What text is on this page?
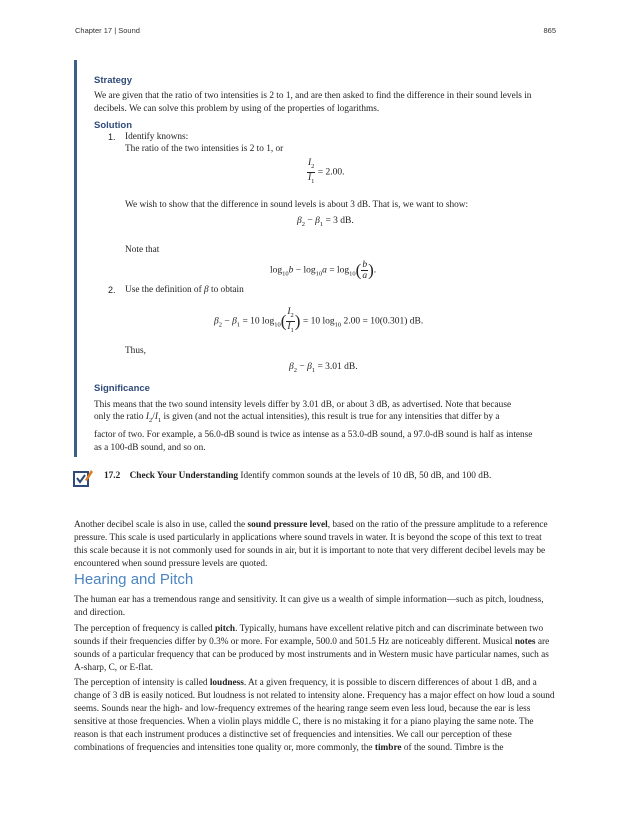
Chapter 17 | Sound	865
Strategy
We are given that the ratio of two intensities is 2 to 1, and are then asked to find the difference in their sound levels in decibels. We can solve this problem by using of the properties of logarithms.
Solution
1. Identify knowns:
The ratio of the two intensities is 2 to 1, or
$\frac{I_2}{I_1} = 2.00$.
We wish to show that the difference in sound levels is about 3 dB. That is, we want to show:
$\beta_2 - \beta_1 = 3$ dB.
Note that
$\log_{10}b - \log_{10}a = \log_{10}( \frac{b}{a}$ ).
2. Use the definition of β to obtain
$\beta_2 - \beta_1 = 10$ $\log_{10}( \frac{I_2}{I_1}$ ) = 10 $\log_{10} 2.00 = 10(0.301)$ dB.
Thus,
$\beta_2 - \beta_1 = 3.01$ dB.
Significance
This means that the two sound intensity levels differ by 3.01 dB, or about 3 dB, as advertised. Note that because
only the ratio $I_2/I_1$ is given (and not the actual intensities), this result is true for any intensities that differ by a
factor of two. For example, a 56.0-dB sound is twice as intense as a 53.0-dB sound, a 97.0-dB sound is half as intense as a 100-dB sound, and so on.
17.2 Check Your Understanding Identify common sounds at the levels of 10 dB, 50 dB, and 100 dB.
Another decibel scale is also in use, called the sound pressure level, based on the ratio of the pressure amplitude to a reference pressure. This scale is used particularly in applications where sound travels in water. It is beyond the scope of this text to treat this scale because it is not commonly used for sounds in air, but it is important to note that very different decibel levels may be encountered when sound pressure levels are quoted.
Hearing and Pitch
The human ear has a tremendous range and sensitivity. It can give us a wealth of simple information—such as pitch, loudness, and direction.
The perception of frequency is called pitch. Typically, humans have excellent relative pitch and can discriminate between two sounds if their frequencies differ by 0.3% or more. For example, 500.0 and 501.5 Hz are noticeably different. Musical notes are sounds of a particular frequency that can be produced by most instruments and in Western music have particular names, such as A-sharp, C, or E-flat.
The perception of intensity is called loudness. At a given frequency, it is possible to discern differences of about 1 dB, and a change of 3 dB is easily noticed. But loudness is not related to intensity alone. Frequency has a major effect on how loud a sound seems. Sounds near the high- and low-frequency extremes of the hearing range seem even less loud, because the ear is less sensitive at those frequencies. When a violin plays middle C, there is no mistaking it for a piano playing the same note. The reason is that each instrument produces a distinctive set of frequencies and intensities. We call our perception of these combinations of frequencies and intensities tone quality or, more commonly, the timbre of the sound. Timbre is the
